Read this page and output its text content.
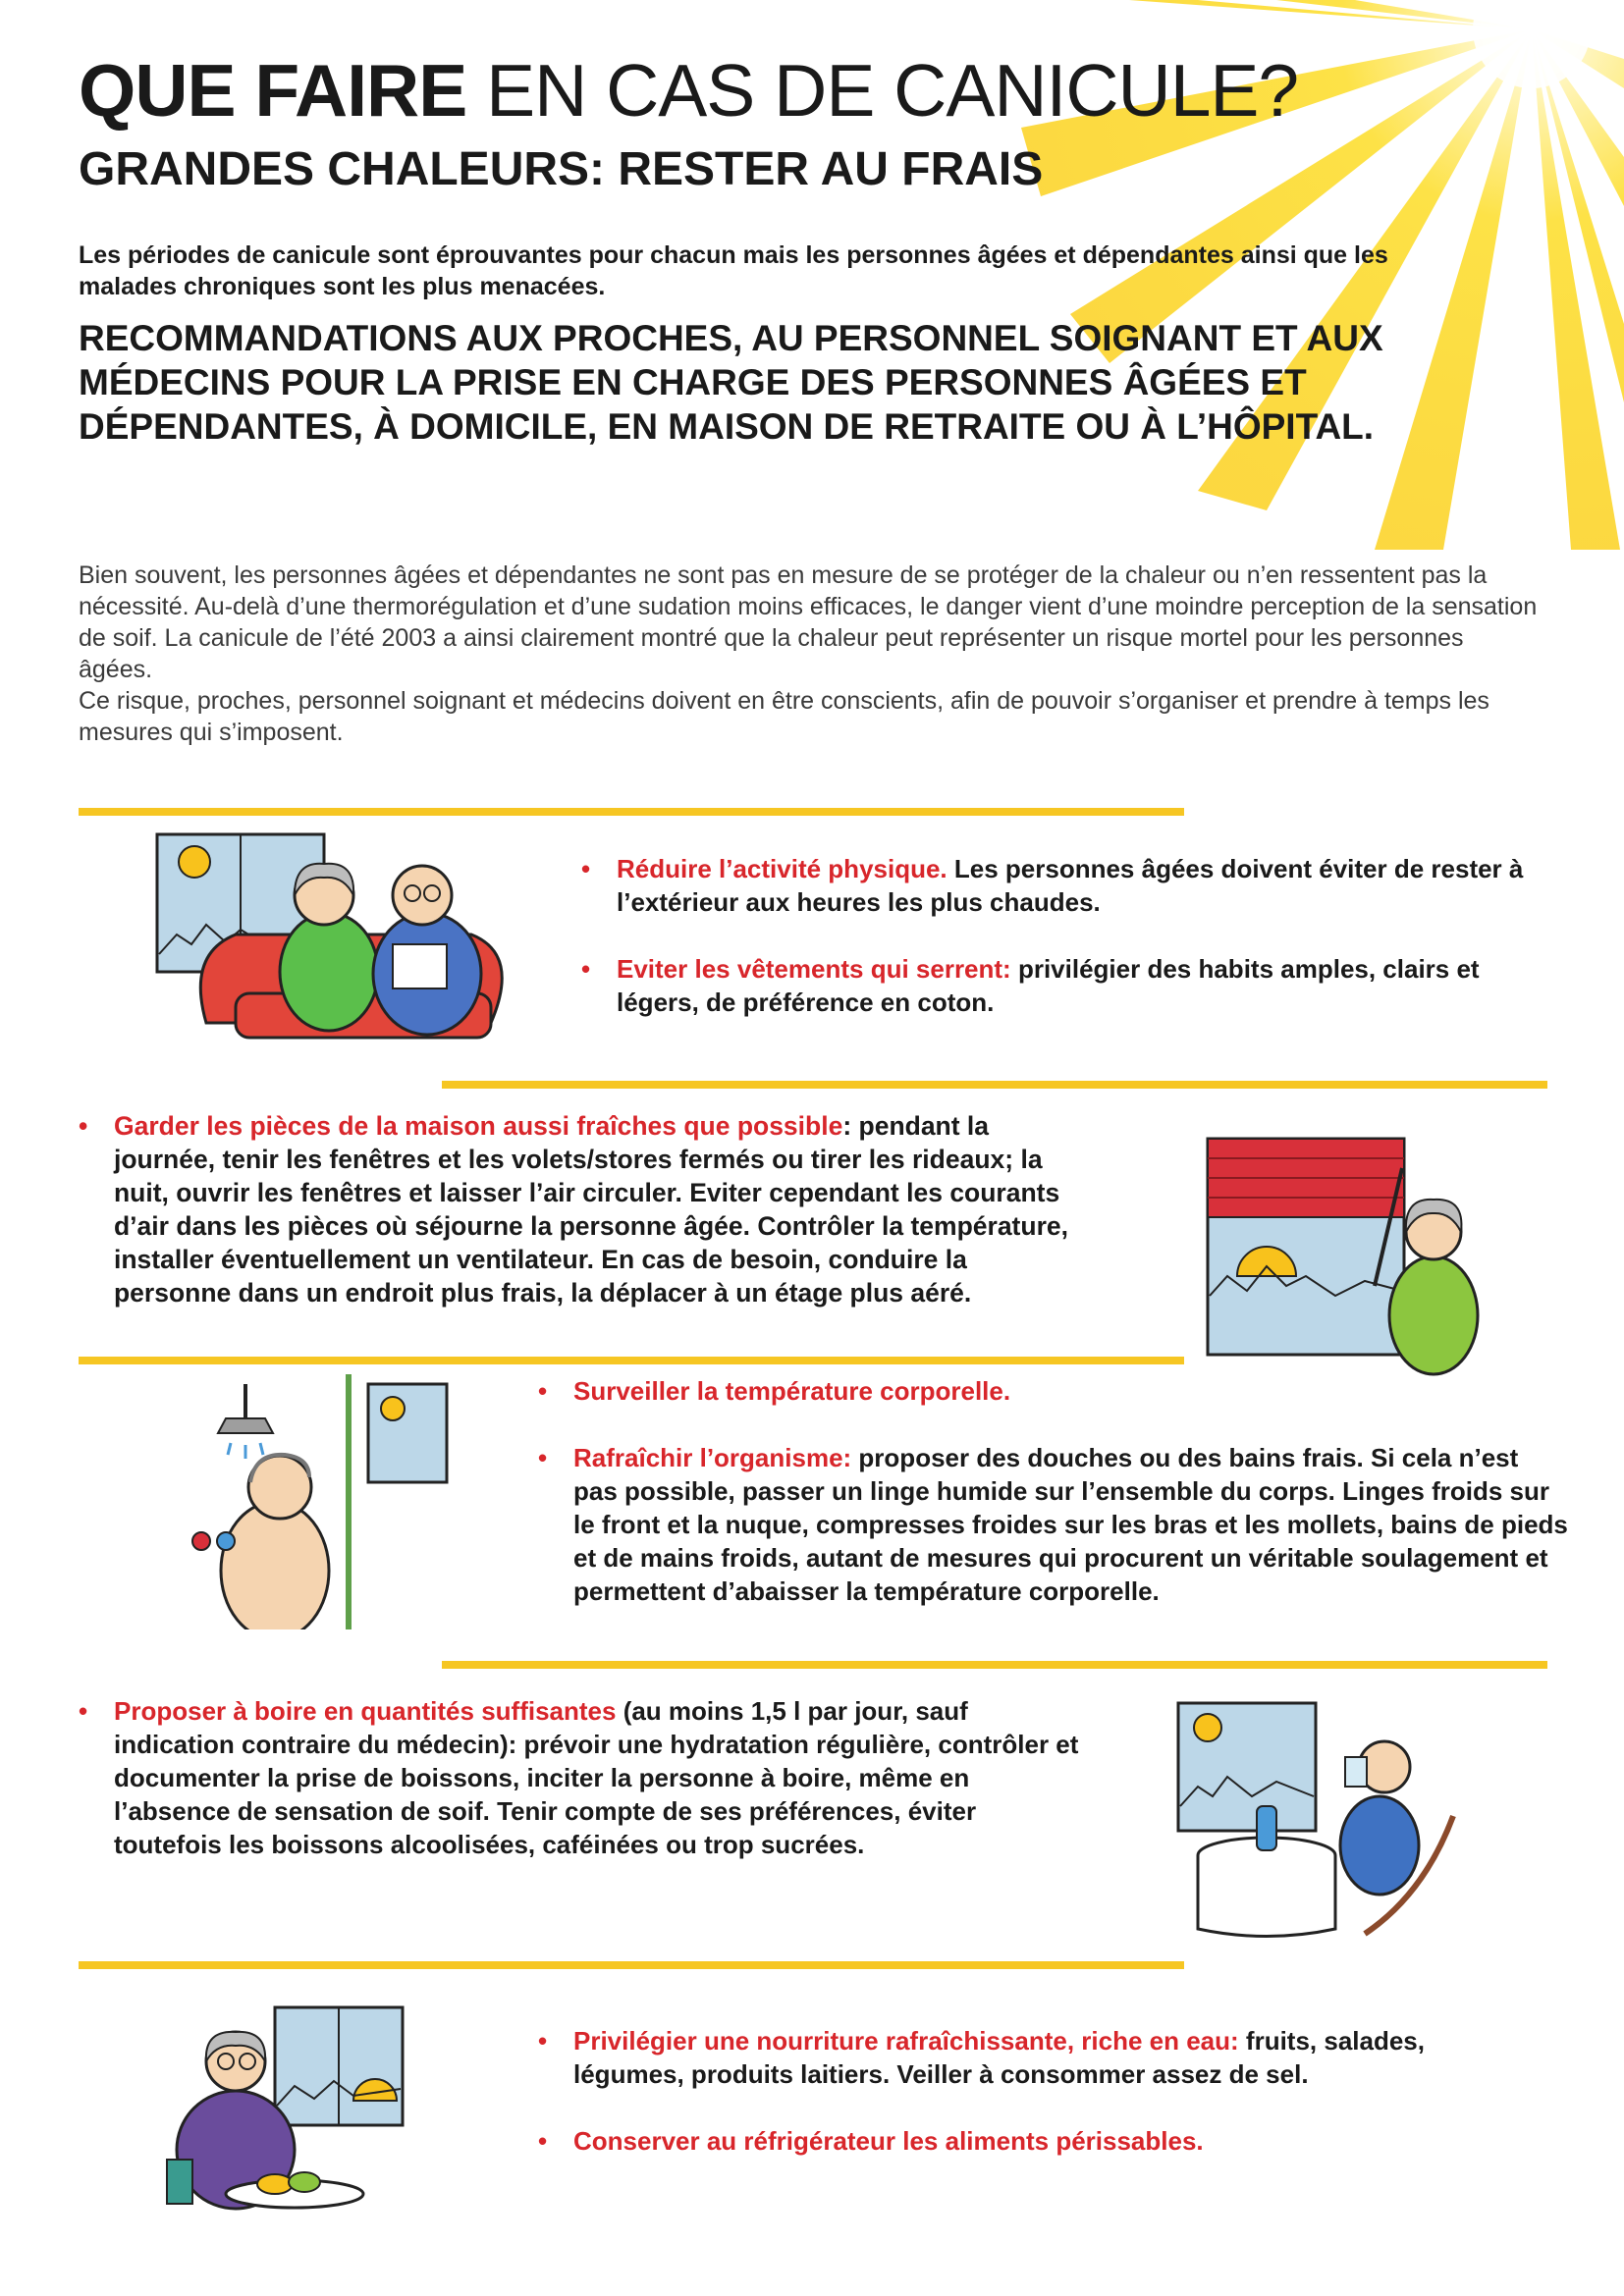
QUE FAIRE EN CAS DE CANICULE?
GRANDES CHALEURS: RESTER AU FRAIS
Les périodes de canicule sont éprouvantes pour chacun mais les personnes âgées et dépendantes ainsi que les malades chroniques sont les plus menacées.
RECOMMANDATIONS AUX PROCHES, AU PERSONNEL SOIGNANT ET AUX MÉDECINS POUR LA PRISE EN CHARGE DES PERSONNES ÂGÉES ET DÉPENDANTES, À DOMICILE, EN MAISON DE RETRAITE OU À L’HÔPITAL.
Bien souvent, les personnes âgées et dépendantes ne sont pas en mesure de se protéger de la chaleur ou n’en ressentent pas la nécessité. Au-delà d’une thermorégulation et d’une sudation moins efficaces, le danger vient d’une moindre perception de la sensation de soif. La canicule de l’été 2003 a ainsi clairement montré que la chaleur peut représenter un risque mortel pour les personnes âgées.
Ce risque, proches, personnel soignant et médecins doivent en être conscients, afin de pouvoir s’organiser et prendre à temps les mesures qui s’imposent.
• Réduire l’activité physique. Les personnes âgées doivent éviter de rester à l’extérieur aux heures les plus chaudes.
• Eviter les vêtements qui serrent: privilégier des habits amples, clairs et légers, de préférence en coton.
• Garder les pièces de la maison aussi fraîches que possible: pendant la journée, tenir les fenêtres et les volets/stores fermés ou tirer les rideaux; la nuit, ouvrir les fenêtres et laisser l’air circuler. Eviter cependant les courants d’air dans les pièces où séjourne la personne âgée. Contrôler la température, installer éventuellement un ventilateur. En cas de besoin, conduire la personne dans un endroit plus frais, la déplacer à un étage plus aéré.
• Surveiller la température corporelle.
• Rafraîchir l’organisme: proposer des douches ou des bains frais. Si cela n’est pas possible, passer un linge humide sur l’ensemble du corps. Linges froids sur le front et la nuque, compresses froides sur les bras et les mollets, bains de pieds et de mains froids, autant de mesures qui procurent un véritable soulagement et permettent d’abaisser la température corporelle.
• Proposer à boire en quantités suffisantes (au moins 1,5 l par jour, sauf indication contraire du médecin): prévoir une hydratation régulière, contrôler et documenter la prise de boissons, inciter la personne à boire, même en l’absence de sensation de soif. Tenir compte de ses préférences, éviter toutefois les boissons alcoolisées, caféinées ou trop sucrées.
• Privilégier une nourriture rafraîchissante, riche en eau: fruits, salades, légumes, produits laitiers. Veiller à consommer assez de sel.
• Conserver au réfrigérateur les aliments périssables.
